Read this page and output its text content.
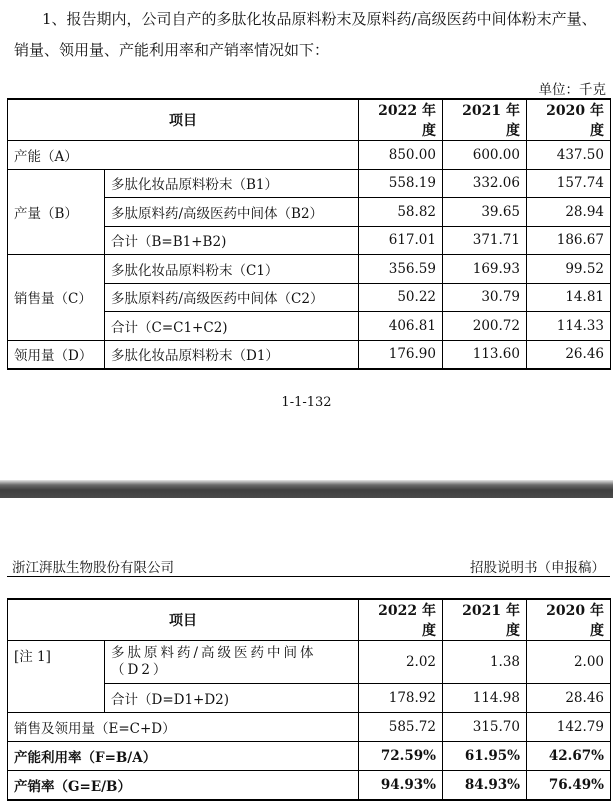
1、报告期内，公司自产的多肽化妆品原料粉末及原料药/高级医药中间体粉末产量、销量、领用量、产能利用率和产销率情况如下：

单位：千克
项目		2022 年度	2021 年度	2020 年度
产能（A）		850.00	600.00	437.50
产量（B）	多肽化妆品原料粉末（B1）	558.19	332.06	157.74
	多肽原料药/高级医药中间体（B2）	58.82	39.65	28.94
	合计（B=B1+B2)	617.01	371.71	186.67
销售量（C）	多肽化妆品原料粉末（C1）	356.59	169.93	99.52
	多肽原料药/高级医药中间体（C2）	50.22	30.79	14.81
	合计（C=C1+C2)	406.81	200.72	114.33
领用量（D）	多肽化妆品原料粉末（D1）	176.90	113.60	26.46
1-1-132
浙江湃肽生物股份有限公司	招股说明书（申报稿）
项目		2022 年度	2021 年度	2020 年度
[注 1]	多肽原料药/高级医药中间体（D2）	2.02	1.38	2.00
	合计（D=D1+D2)	178.92	114.98	28.46
销售及领用量（E=C+D）		585.72	315.70	142.79
产能利用率（F=B/A）		72.59%	61.95%	42.67%
产销率（G=E/B）		94.93%	84.93%	76.49%
